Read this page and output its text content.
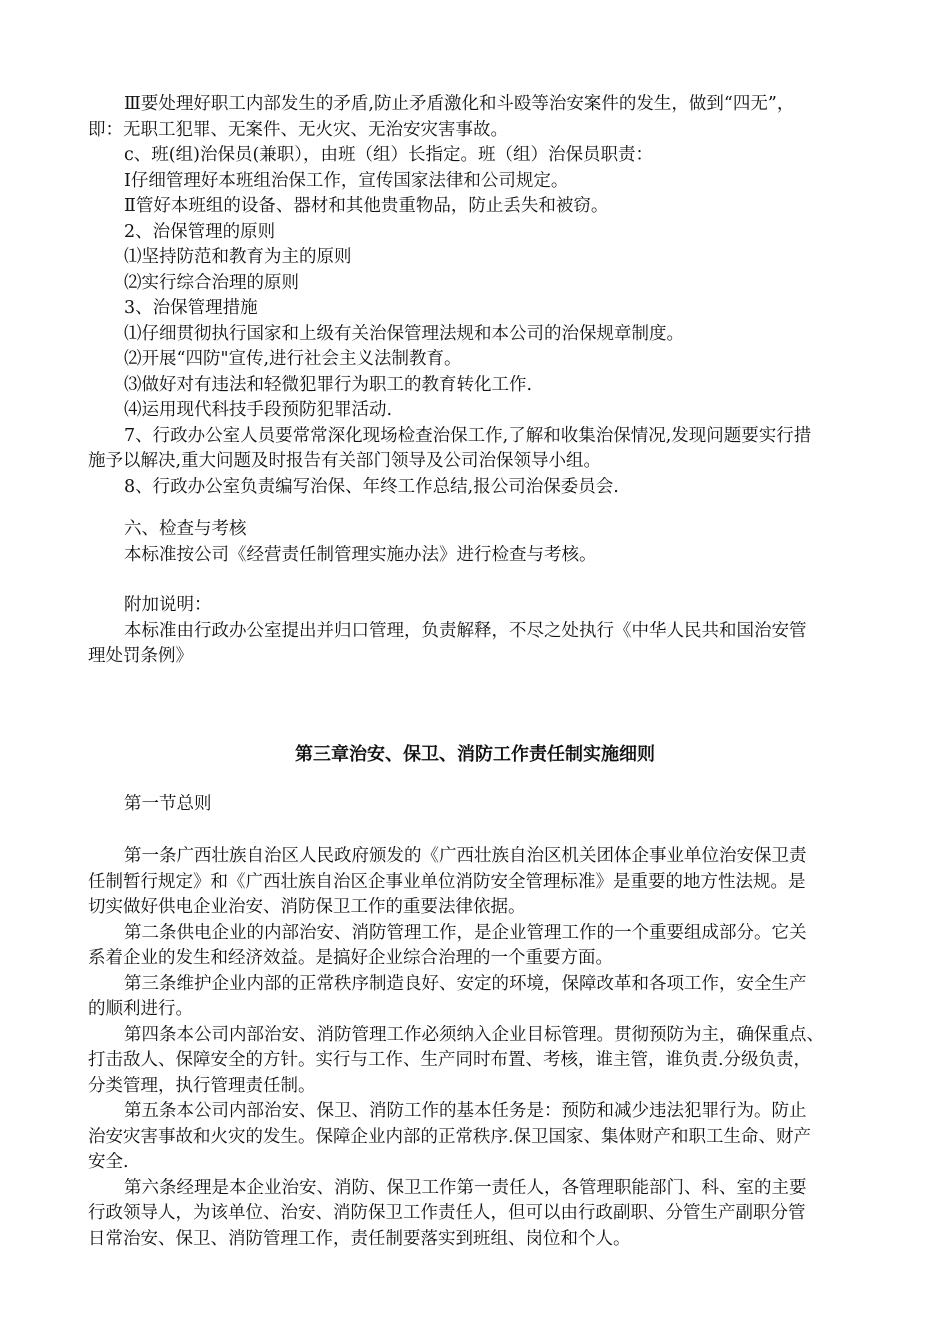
Ⅲ要处理好职工内部发生的矛盾,防止矛盾激化和斗殴等治安案件的发生，做到“四无”，
即：无职工犯罪、无案件、无火灾、无治安灾害事故。
c、班(组)治保员(兼职），由班（组）长指定。班（组）治保员职责：
Ⅰ仔细管理好本班组治保工作，宣传国家法律和公司规定。
Ⅱ管好本班组的设备、器材和其他贵重物品，防止丢失和被窃。
2、治保管理的原则
⑴坚持防范和教育为主的原则
⑵实行综合治理的原则
3、治保管理措施
⑴仔细贯彻执行国家和上级有关治保管理法规和本公司的治保规章制度。
⑵开展“四防"宣传,进行社会主义法制教育。
⑶做好对有违法和轻微犯罪行为职工的教育转化工作.
⑷运用现代科技手段预防犯罪活动.
7、行政办公室人员要常常深化现场检查治保工作,了解和收集治保情况,发现问题要实行措
施予以解决,重大问题及时报告有关部门领导及公司治保领导小组。
8、行政办公室负责编写治保、年终工作总结,报公司治保委员会.
六、检查与考核
本标准按公司《经营责任制管理实施办法》进行检查与考核。
附加说明：
本标准由行政办公室提出并归口管理，负责解释，不尽之处执行《中华人民共和国治安管
理处罚条例》
第三章治安、保卫、消防工作责任制实施细则
第一节总则
第一条广西壮族自治区人民政府颁发的《广西壮族自治区机关团体企事业单位治安保卫责
任制暂行规定》和《广西壮族自治区企事业单位消防安全管理标准》是重要的地方性法规。是
切实做好供电企业治安、消防保卫工作的重要法律依据。
第二条供电企业的内部治安、消防管理工作，是企业管理工作的一个重要组成部分。它关
系着企业的发生和经济效益。是搞好企业综合治理的一个重要方面。
第三条维护企业内部的正常秩序制造良好、安定的环境，保障改革和各项工作，安全生产
的顺利进行。
第四条本公司内部治安、消防管理工作必须纳入企业目标管理。贯彻预防为主，确保重点、
打击敌人、保障安全的方针。实行与工作、生产同时布置、考核，谁主管，谁负责.分级负责，
分类管理，执行管理责任制。
第五条本公司内部治安、保卫、消防工作的基本任务是：预防和减少违法犯罪行为。防止
治安灾害事故和火灾的发生。保障企业内部的正常秩序.保卫国家、集体财产和职工生命、财产
安全.
第六条经理是本企业治安、消防、保卫工作第一责任人，各管理职能部门、科、室的主要
行政领导人，为该单位、治安、消防保卫工作责任人，但可以由行政副职、分管生产副职分管
日常治安、保卫、消防管理工作，责任制要落实到班组、岗位和个人。
